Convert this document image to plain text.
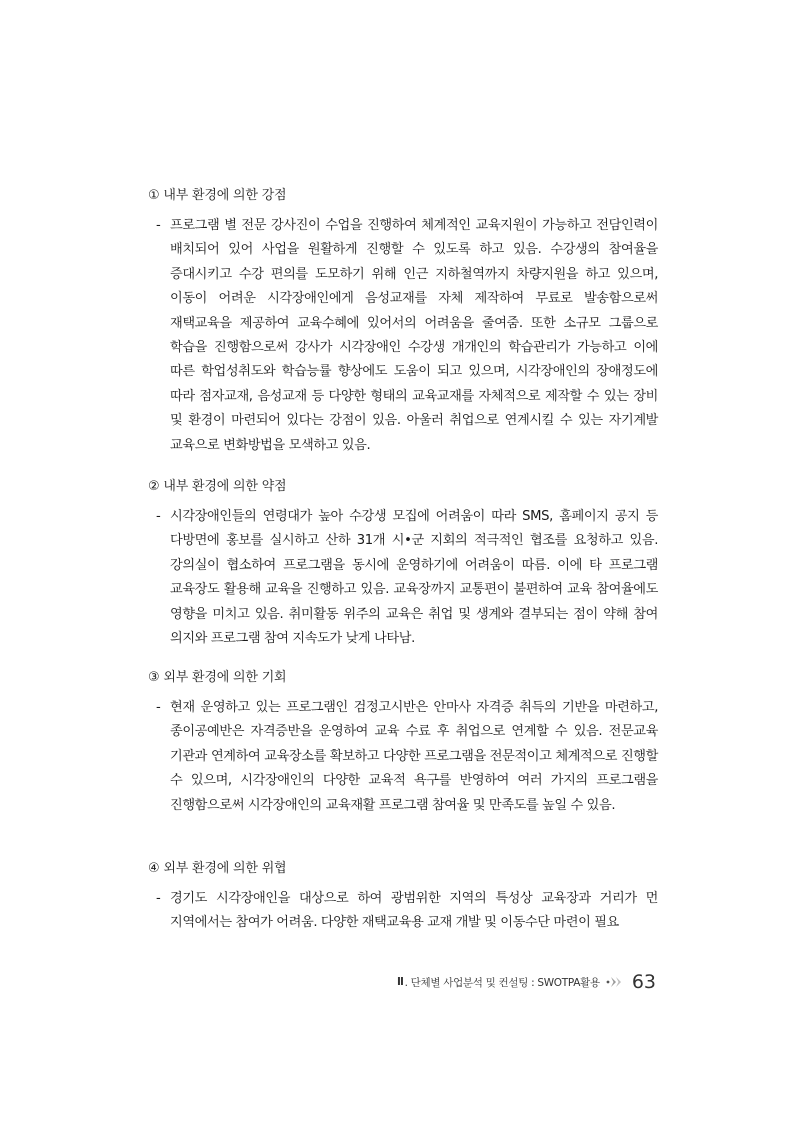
① 내부 환경에 의한 강점
- 프로그램 별 전문 강사진이 수업을 진행하여 체계적인 교육지원이 가능하고 전담인력이 배치되어 있어 사업을 원활하게 진행할 수 있도록 하고 있음. 수강생의 참여율을 증대시키고 수강 편의를 도모하기 위해 인근 지하철역까지 차량지원을 하고 있으며, 이동이 어려운 시각장애인에게 음성교재를 자체 제작하여 무료로 발송함으로써 재택교육을 제공하여 교육수혜에 있어서의 어려움을 줄여줌. 또한 소규모 그룹으로 학습을 진행함으로써 강사가 시각장애인 수강생 개개인의 학습관리가 가능하고 이에 따른 학업성취도와 학습능률 향상에도 도움이 되고 있으며, 시각장애인의 장애정도에 따라 점자교재, 음성교재 등 다양한 형태의 교육교재를 자체적으로 제작할 수 있는 장비 및 환경이 마련되어 있다는 강점이 있음. 아울러 취업으로 연계시킬 수 있는 자기계발 교육으로 변화방법을 모색하고 있음.
② 내부 환경에 의한 약점
- 시각장애인들의 연령대가 높아 수강생 모집에 어려움이 따라 SMS, 홈페이지 공지 등 다방면에 홍보를 실시하고 산하 31개 시•군 지회의 적극적인 협조를 요청하고 있음. 강의실이 협소하여 프로그램을 동시에 운영하기에 어려움이 따름. 이에 타 프로그램 교육장도 활용해 교육을 진행하고 있음. 교육장까지 교통편이 불편하여 교육 참여율에도 영향을 미치고 있음. 취미활동 위주의 교육은 취업 및 생계와 결부되는 점이 약해 참여 의지와 프로그램 참여 지속도가 낮게 나타남.
③ 외부 환경에 의한 기회
- 현재 운영하고 있는 프로그램인 검정고시반은 안마사 자격증 취득의 기반을 마련하고, 종이공예반은 자격증반을 운영하여 교육 수료 후 취업으로 연계할 수 있음. 전문교육 기관과 연계하여 교육장소를 확보하고 다양한 프로그램을 전문적이고 체계적으로 진행할 수 있으며, 시각장애인의 다양한 교육적 욕구를 반영하여 여러 가지의 프로그램을 진행함으로써 시각장애인의 교육재활 프로그램 참여율 및 만족도를 높일 수 있음.
④ 외부 환경에 의한 위협
- 경기도 시각장애인을 대상으로 하여 광범위한 지역의 특성상 교육장과 거리가 먼 지역에서는 참여가 어려움. 다양한 재택교육용 교재 개발 및 이동수단 마련이 필요
Ⅱ . 단체별 사업분석 및 컨설팅 : SWOTPA활용 63
